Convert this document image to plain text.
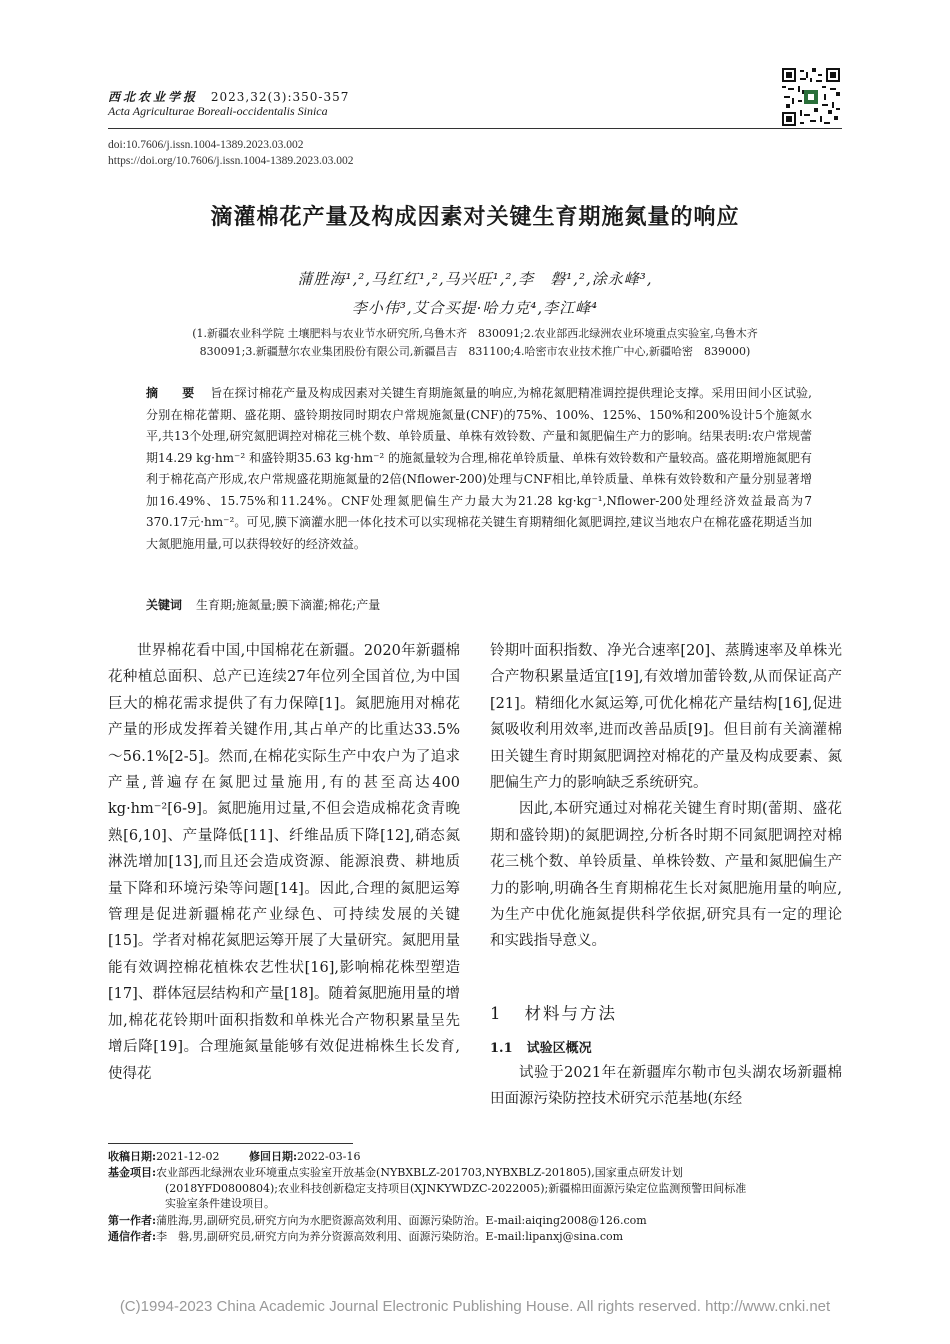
西北农业学报 2023,32(3):350-357
Acta Agriculturae Boreali-occidentalis Sinica
doi:10.7606/j.issn.1004-1389.2023.03.002
https://doi.org/10.7606/j.issn.1004-1389.2023.03.002
滴灌棉花产量及构成因素对关键生育期施氮量的响应
蒲胜海¹,²,马红红¹,²,马兴旺¹,²,李　磐¹,²,涂永峰³,
李小伟³,艾合买提·哈力克⁴,李江峰⁴
(1.新疆农业科学院 土壤肥料与农业节水研究所,乌鲁木齐　830091;2.农业部西北绿洲农业环境重点实验室,乌鲁木齐
830091;3.新疆慧尔农业集团股份有限公司,新疆昌吉　831100;4.哈密市农业技术推广中心,新疆哈密　839000)
摘　要 旨在探讨棉花产量及构成因素对关键生育期施氮量的响应,为棉花氮肥精准调控提供理论支撑。采用田间小区试验,分别在棉花蕾期、盛花期、盛铃期按同时期农户常规施氮量(CNF)的75%、100%、125%、150%和200%设计5个施氮水平,共13个处理,研究氮肥调控对棉花三桃个数、单铃质量、单株有效铃数、产量和氮肥偏生产力的影响。结果表明:农户常规蕾期14.29 kg·hm⁻² 和盛铃期35.63 kg·hm⁻² 的施氮量较为合理,棉花单铃质量、单株有效铃数和产量较高。盛花期增施氮肥有利于棉花高产形成,农户常规盛花期施氮量的2倍(Nflower-200)处理与CNF相比,单铃质量、单株有效铃数和产量分别显著增加16.49%、15.75%和11.24%。CNF处理氮肥偏生产力最大为21.28 kg·kg⁻¹,Nflower-200处理经济效益最高为7 370.17元·hm⁻²。可见,膜下滴灌水肥一体化技术可以实现棉花关键生育期精细化氮肥调控,建议当地农户在棉花盛花期适当加大氮肥施用量,可以获得较好的经济效益。
关键词 生育期;施氮量;膜下滴灌;棉花;产量

世界棉花看中国,中国棉花在新疆。2020年新疆棉花种植总面积、总产已连续27年位列全国首位,为中国巨大的棉花需求提供了有力保障[1]。氮肥施用对棉花产量的形成发挥着关键作用,其占单产的比重达33.5%～56.1%[2-5]。然而,在棉花实际生产中农户为了追求产量,普遍存在氮肥过量施用,有的甚至高达400 kg·hm⁻²[6-9]。氮肥施用过量,不但会造成棉花贪青晚熟[6,10]、产量降低[11]、纤维品质下降[12],硝态氮淋洗增加[13],而且还会造成资源、能源浪费、耕地质量下降和环境污染等问题[14]。因此,合理的氮肥运筹管理是促进新疆棉花产业绿色、可持续发展的关键[15]。学者对棉花氮肥运筹开展了大量研究。氮肥用量能有效调控棉花植株农艺性状[16],影响棉花株型塑造[17]、群体冠层结构和产量[18]。随着氮肥施用量的增加,棉花花铃期叶面积指数和单株光合产物积累量呈先增后降[19]。合理施氮量能够有效促进棉株生长发育,使得花

铃期叶面积指数、净光合速率[20]、蒸腾速率及单株光合产物积累量适宜[19],有效增加蕾铃数,从而保证高产[21]。精细化水氮运筹,可优化棉花产量结构[16],促进氮吸收利用效率,进而改善品质[9]。但目前有关滴灌棉田关键生育时期氮肥调控对棉花的产量及构成要素、氮肥偏生产力的影响缺乏系统研究。

因此,本研究通过对棉花关键生育时期(蕾期、盛花期和盛铃期)的氮肥调控,分析各时期不同氮肥调控对棉花三桃个数、单铃质量、单株铃数、产量和氮肥偏生产力的影响,明确各生育期棉花生长对氮肥施用量的响应,为生产中优化施氮提供科学依据,研究具有一定的理论和实践指导意义。

1 材料与方法
1.1 试验区概况

试验于2021年在新疆库尔勒市包头湖农场新疆棉田面源污染防控技术研究示范基地(东经

收稿日期:2021-12-02	修回日期:2022-03-16
基金项目:农业部西北绿洲农业环境重点实验室开放基金(NYBXBLZ-201703,NYBXBLZ-201805),国家重点研发计划
(2018YFD0800804);农业科技创新稳定支持项目(XJNKYWDZC-2022005);新疆棉田面源污染定位监测预警田间标准
实验室条件建设项目。
第一作者:蒲胜海,男,副研究员,研究方向为水肥资源高效利用、面源污染防治。E-mail:aiqing2008@126.com
通信作者:李　磐,男,副研究员,研究方向为养分资源高效利用、面源污染防治。E-mail:lipanxj@sina.com
(C)1994-2023 China Academic Journal Electronic Publishing House. All rights reserved. http://www.cnki.net
